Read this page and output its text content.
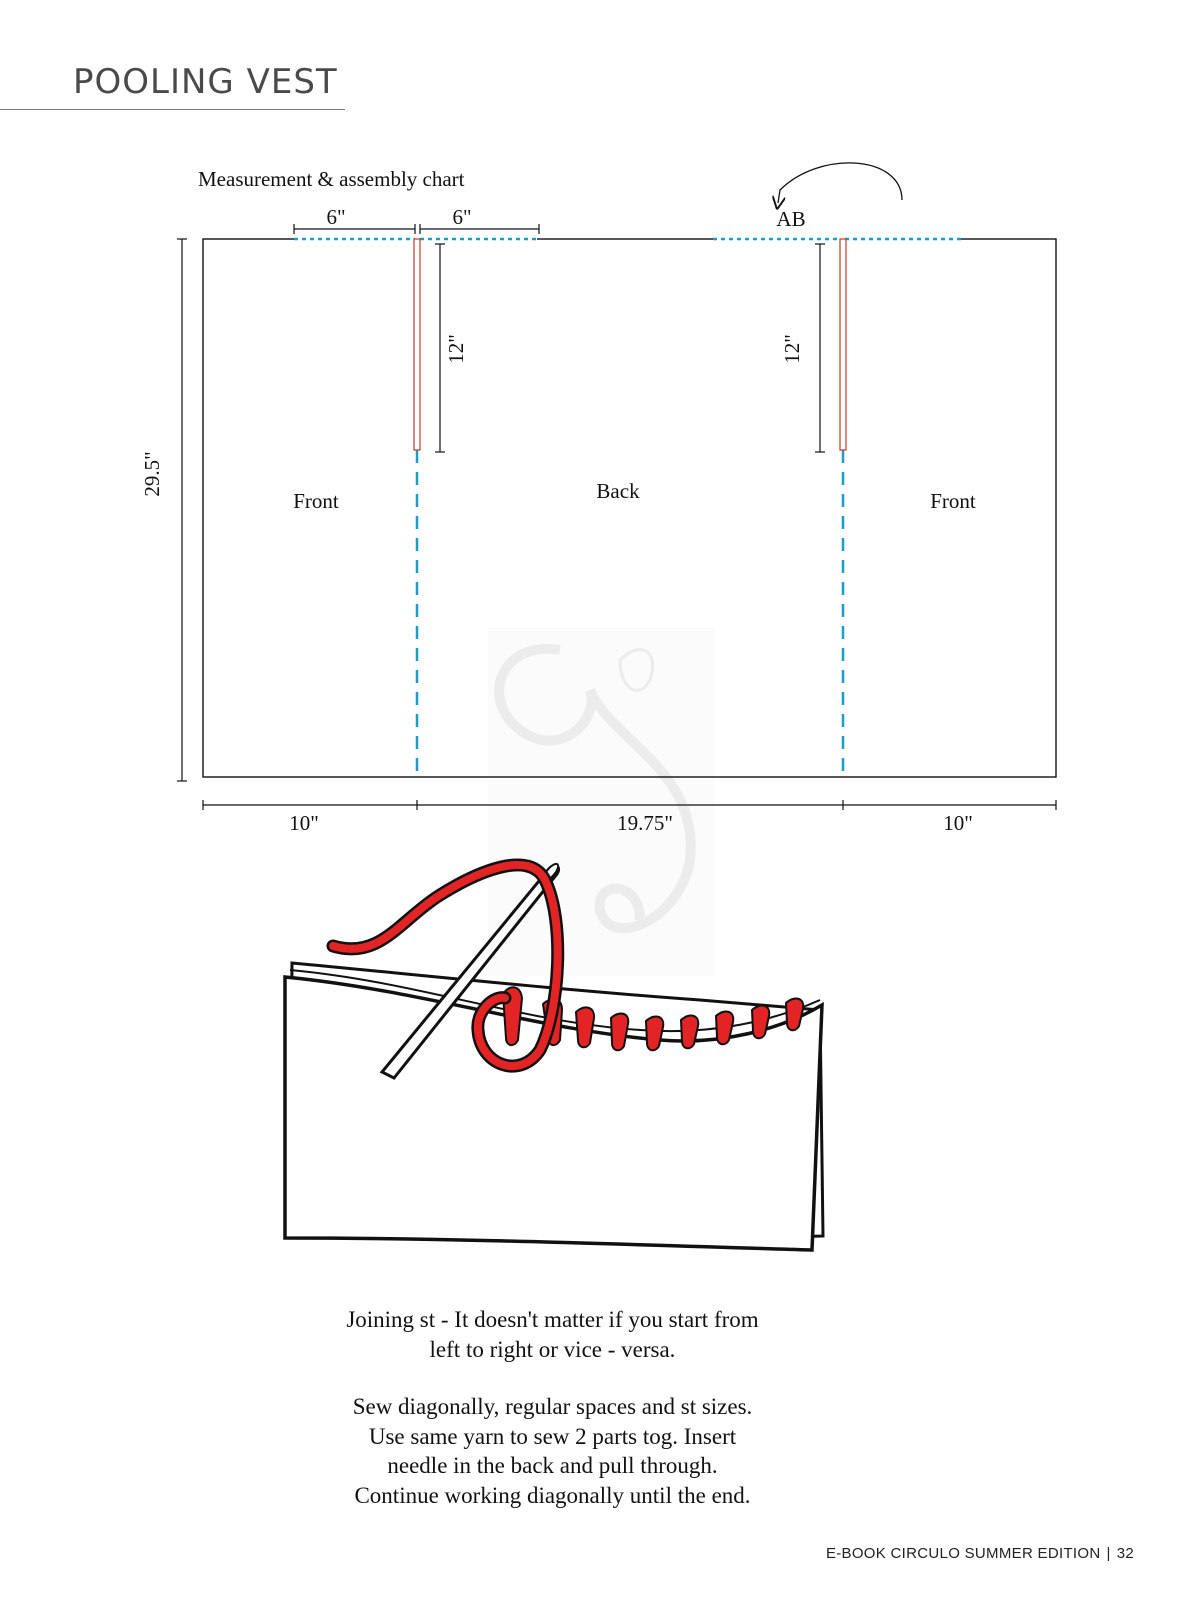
POOLING VEST
Measurement & assembly chart
6"	6"
12"	12"
29.5"
10"	19.75"	10"
Front	Back	Front
AB
Joining st - It doesn't matter if you start from
left to right or vice - versa.
Sew diagonally, regular spaces and st sizes.
Use same yarn to sew 2 parts tog. Insert
needle in the back and pull through.
Continue working diagonally until the end.
E-BOOK CIRCULO SUMMER EDITION | 32
